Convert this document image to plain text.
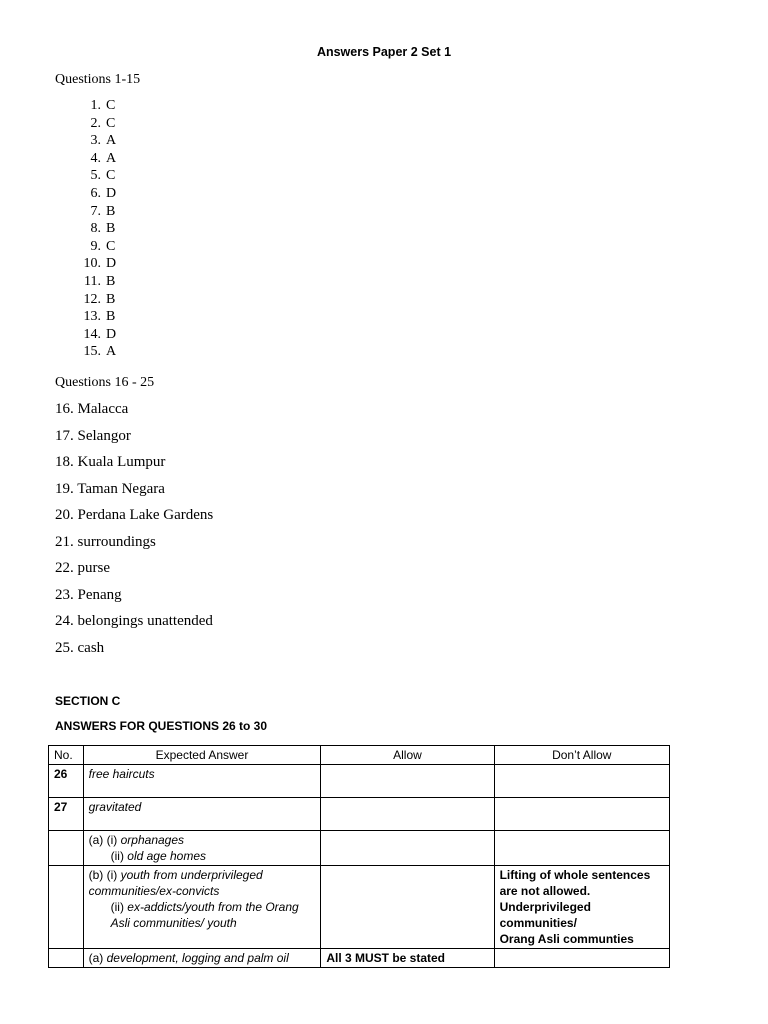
Answers Paper 2 Set 1
Questions 1-15
1. C
2. C
3. A
4. A
5. C
6. D
7. B
8. B
9. C
10. D
11. B
12. B
13. B
14. D
15. A
Questions 16 - 25
16. Malacca
17. Selangor
18. Kuala Lumpur
19. Taman Negara
20. Perdana Lake Gardens
21. surroundings
22. purse
23. Penang
24. belongings unattended
25. cash
SECTION C
ANSWERS FOR QUESTIONS 26 to 30
No.	Expected Answer	Allow	Don’t Allow
26	free haircuts		
27	gravitated		
	(a) (i) orphanages
(ii) old age homes		

	(b) (i) youth from underprivileged communities/ex-convicts
(ii) ex-addicts/youth from the Orang Asli communities/ youth		Lifting of whole sentences are not allowed.
Underprivileged communities/
Orang Asli communties
	(a) development, logging and palm oil	All 3 MUST be stated	
